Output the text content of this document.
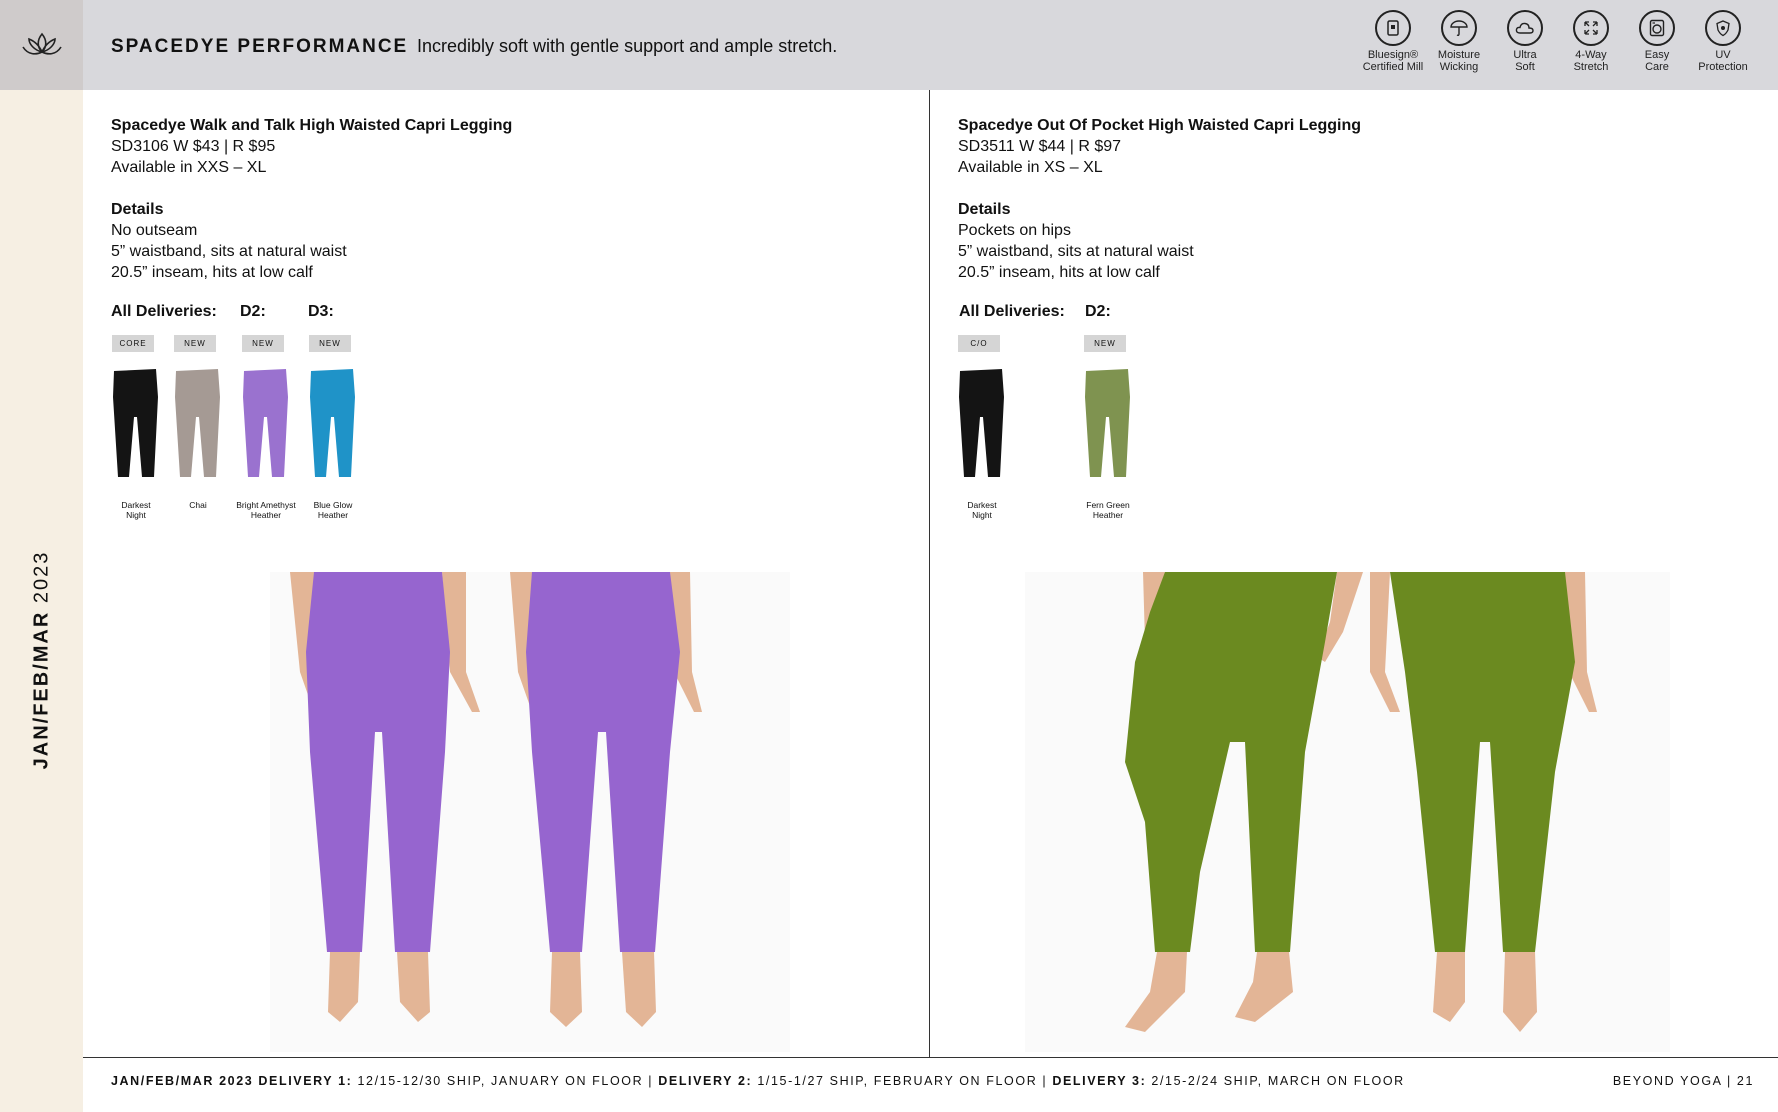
JAN/FEB/MAR 2023
SPACEDYE PERFORMANCE Incredibly soft with gentle support and ample stretch.	Bluesign®
Certified Mill
Moisture
Wicking
Ultra
Soft
4-Way
Stretch
Easy
Care
UV
Protection
Spacedye Walk and Talk High Waisted Capri Legging
SD3106 W $43 | R $95
Available in XXS – XL
Details
No outseam
5” waistband, sits at natural waist
20.5” inseam, hits at low calf
All Deliveries: D2:	D3:
CORE
Darkest
Night
NEW
Chai
NEW
Bright Amethyst
Heather
NEW
Blue Glow
Heather
Spacedye Out Of Pocket High Waisted Capri Legging
SD3511 W $44 | R $97
Available in XS – XL
Details
Pockets on hips
5” waistband, sits at natural waist
20.5” inseam, hits at low calf
All Deliveries: D2:
C/O
Darkest
Night
NEW
Fern Green
Heather
JAN/FEB/MAR 2023 DELIVERY 1: 12/15-12/30 SHIP, JANUARY ON FLOOR | DELIVERY 2: 1/15-1/27 SHIP, FEBRUARY ON FLOOR | DELIVERY 3: 2/15-2/24 SHIP, MARCH ON FLOOR	BEYOND YOGA | 21
